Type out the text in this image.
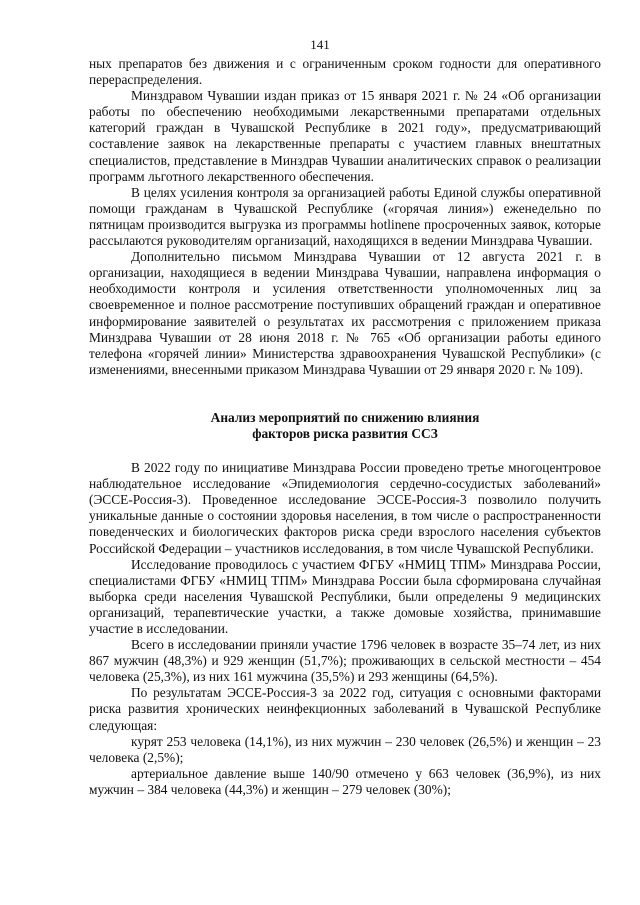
141

ных препаратов без движения и с ограниченным сроком годности для оперативного перераспределения.

Минздравом Чувашии издан приказ от 15 января 2021 г. № 24 «Об организации работы по обеспечению необходимыми лекарственными препаратами отдельных категорий граждан в Чувашской Республике в 2021 году», предусматривающий составление заявок на лекарственные препараты с участием главных внештатных специалистов, представление в Минздрав Чувашии аналитических справок о реализации программ льготного лекарственного обеспечения.

В целях усиления контроля за организацией работы Единой службы оперативной помощи гражданам в Чувашской Республике («горячая линия») еженедельно по пятницам производится выгрузка из программы hotlinene просроченных заявок, которые рассылаются руководителям организаций, находящихся в ведении Минздрава Чувашии.

Дополнительно письмом Минздрава Чувашии от 12 августа 2021 г. в организации, находящиеся в ведении Минздрава Чувашии, направлена информация о необходимости контроля и усиления ответственности уполномоченных лиц за своевременное и полное рассмотрение поступивших обращений граждан и оперативное информирование заявителей о результатах их рассмотрения с приложением приказа Минздрава Чувашии от 28 июня 2018 г. № 765 «Об организации работы единого телефона «горячей линии» Министерства здравоохранения Чувашской Республики» (с изменениями, внесенными приказом Минздрава Чувашии от 29 января 2020 г. № 109).

Анализ мероприятий по снижению влияния

факторов риска развития ССЗ

В 2022 году по инициативе Минздрава России проведено третье многоцентровое наблюдательное исследование «Эпидемиология сердечно-сосудистых заболеваний» (ЭССЕ-Россия-3). Проведенное исследование ЭССЕ-Россия-3 позволило получить уникальные данные о состоянии здоровья населения, в том числе о распространенности поведенческих и биологических факторов риска среди взрослого населения субъектов Российской Федерации – участников исследования, в том числе Чувашской Республики.

Исследование проводилось с участием ФГБУ «НМИЦ ТПМ» Минздрава России, специалистами ФГБУ «НМИЦ ТПМ» Минздрава России была сформирована случайная выборка среди населения Чувашской Республики, были определены 9 медицинских организаций, терапевтические участки, а также домовые хозяйства, принимавшие участие в исследовании.

Всего в исследовании приняли участие 1796 человек в возрасте 35–74 лет, из них 867 мужчин (48,3%) и 929 женщин (51,7%); проживающих в сельской местности – 454 человека (25,3%), из них 161 мужчина (35,5%) и 293 женщины (64,5%).

По результатам ЭССЕ-Россия-3 за 2022 год, ситуация с основными факторами риска развития хронических неинфекционных заболеваний в Чувашской Республике следующая:

курят 253 человека (14,1%), из них мужчин – 230 человек (26,5%) и женщин – 23 человека (2,5%);

артериальное давление выше 140/90 отмечено у 663 человек (36,9%), из них мужчин – 384 человека (44,3%) и женщин – 279 человек (30%);
